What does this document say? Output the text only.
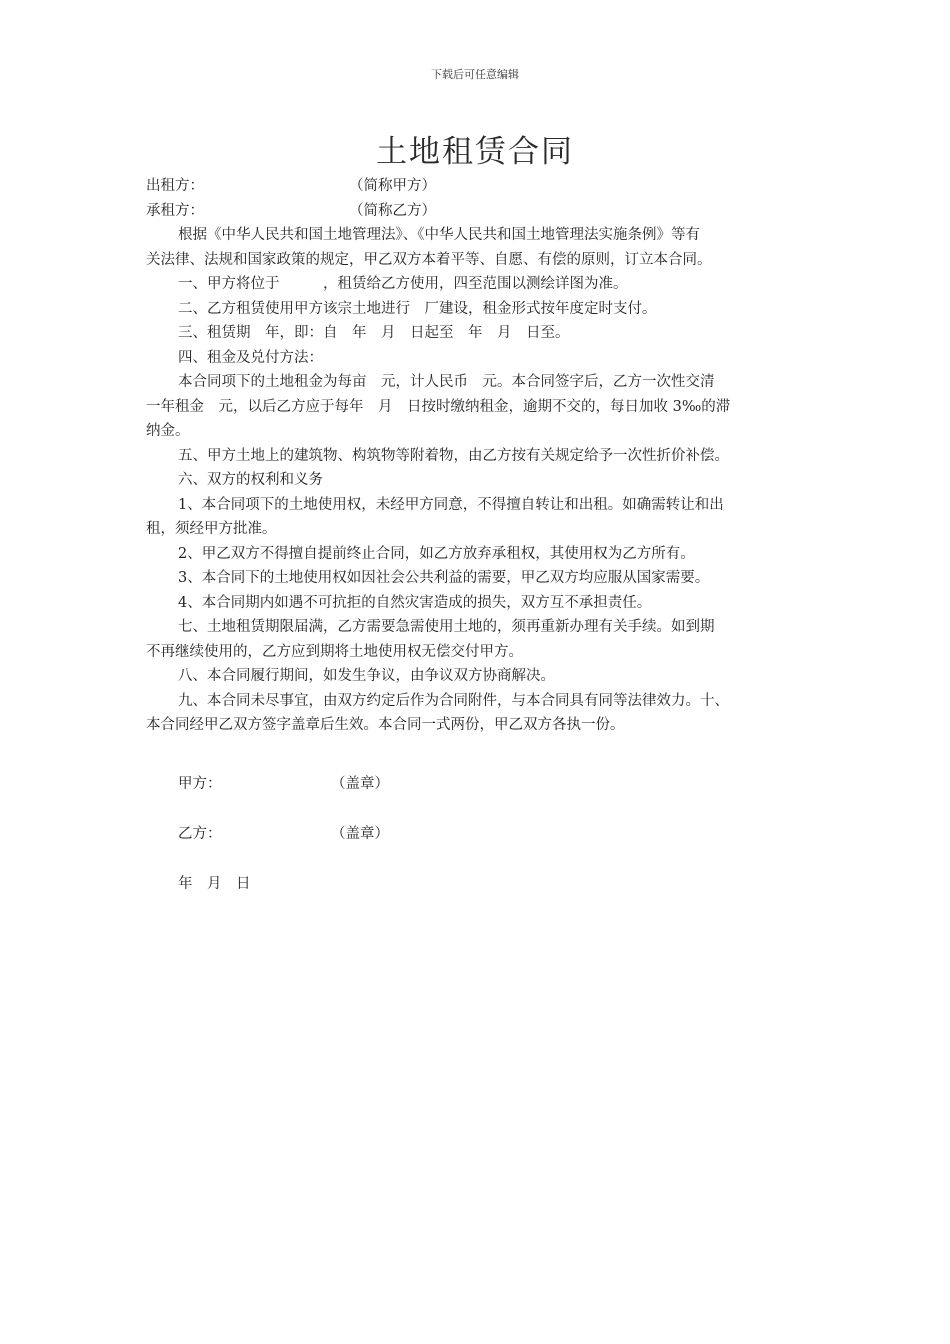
下载后可任意编辑
土地租赁合同
出租方：	（简称甲方）
承租方：	（简称乙方）
根据《中华人民共和国土地管理法》、《中华人民共和国土地管理法实施条例》等有
关法律、法规和国家政策的规定，甲乙双方本着平等、自愿、有偿的原则，订立本合同。
一、甲方将位于　　　，租赁给乙方使用，四至范围以测绘详图为准。
二、乙方租赁使用甲方该宗土地进行　厂建设，租金形式按年度定时支付。
三、租赁期　年，即：自　年　月　日起至　年　月　日至。
四、租金及兑付方法：
本合同项下的土地租金为每亩　元，计人民币　元。本合同签字后，乙方一次性交清
一年租金　元，以后乙方应于每年　月　日按时缴纳租金，逾期不交的，每日加收 3‰的滞
纳金。
五、甲方土地上的建筑物、构筑物等附着物，由乙方按有关规定给予一次性折价补偿。
六、双方的权利和义务
1、本合同项下的土地使用权，未经甲方同意，不得擅自转让和出租。如确需转让和出
租，须经甲方批准。
2、甲乙双方不得擅自提前终止合同，如乙方放弃承租权，其使用权为乙方所有。
3、本合同下的土地使用权如因社会公共利益的需要，甲乙双方均应服从国家需要。
4、本合同期内如遇不可抗拒的自然灾害造成的损失，双方互不承担责任。
七、土地租赁期限届满，乙方需要急需使用土地的，须再重新办理有关手续。如到期
不再继续使用的，乙方应到期将土地使用权无偿交付甲方。
八、本合同履行期间，如发生争议，由争议双方协商解决。
九、本合同未尽事宜，由双方约定后作为合同附件，与本合同具有同等法律效力。十、
本合同经甲乙双方签字盖章后生效。本合同一式两份，甲乙双方各执一份。
甲方：	（盖章）
乙方：	（盖章）
年　月　日
